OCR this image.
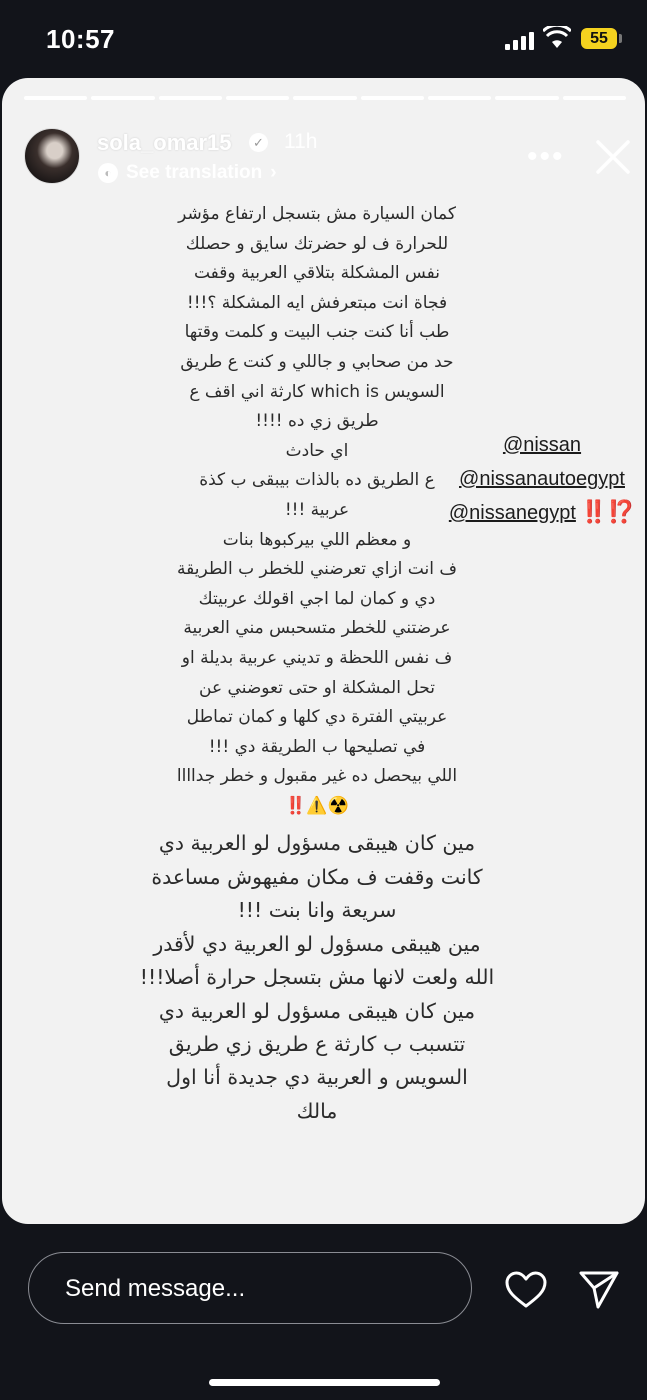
10:57	55
sola_omar15	✓ 11h
◐ See translation ›	•••
كمان السيارة مش بتسجل ارتفاع مؤشر
للحرارة ف لو حضرتك سايق و حصلك
نفس المشكلة بتلاقي العربية وقفت
فجاة انت مبتعرفش ايه المشكلة ؟!!!
طب أنا كنت جنب البيت و كلمت وقتها
حد من صحابي و جاللي و كنت ع طريق
السويس which is كارثة اني اقف ع
طريق زي ده !!!!
اي حادث
ع الطريق ده بالذات بيبقى ب كذة
عربية !!!
و معظم اللي بيركبوها بنات
ف انت ازاي تعرضني للخطر ب الطريقة
دي و كمان لما اجي اقولك عربيتك
عرضتني للخطر متسحبس مني العربية
ف نفس اللحظة و تديني عربية بديلة او
تحل المشكلة او حتى تعوضني عن
عربيتي الفترة دي كلها و كمان تماطل
في تصليحها ب الطريقة دي !!!
اللي بيحصل ده غير مقبول و خطر جداااا
☢️⚠️‼️
مين كان هيبقى مسؤول لو العربية دي
كانت وقفت ف مكان مفيهوش مساعدة
سريعة وانا بنت !!!
مين هيبقى مسؤول لو العربية دي لأقدر
الله ولعت لانها مش بتسجل حرارة أصلا!!!
مين كان هيبقى مسؤول لو العربية دي
تتسبب ب كارثة ع طريق زي طريق
السويس و العربية دي جديدة أنا اول
مالك
@nissan
@nissanautoegypt
@nissanegypt ‼️⁉️
Send message...
